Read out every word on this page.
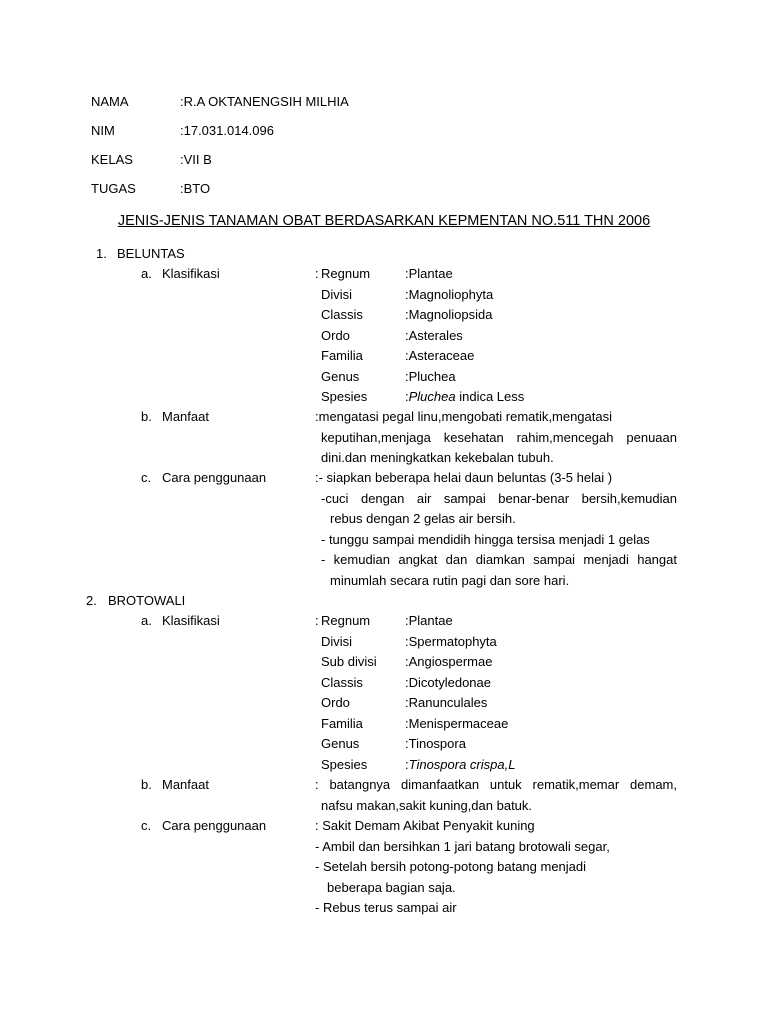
NAMA	:R.A OKTANENGSIH MILHIA
NIM	:17.031.014.096
KELAS	:VII B
TUGAS	:BTO
JENIS-JENIS TANAMAN OBAT BERDASARKAN KEPMENTAN NO.511 THN 2006
1. BELUNTAS
a. Klasifikasi	: Regnum	:Plantae
Divisi	:Magnoliophyta
Classis	:Magnoliopsida
Ordo	:Asterales
Familia	:Asteraceae
Genus	:Pluchea
Spesies	:Pluchea indica Less
b. Manfaat	:mengatasi pegal linu,mengobati rematik,mengatasi
keputihan,menjaga kesehatan rahim,mencegah penuaan
dini.dan meningkatkan kekebalan tubuh.
c. Cara penggunaan	:- siapkan beberapa helai daun beluntas (3-5 helai )
-cuci dengan air sampai benar-benar bersih,kemudian
rebus dengan 2 gelas air bersih.
- tunggu sampai mendidih hingga tersisa menjadi 1 gelas
- kemudian angkat dan diamkan sampai menjadi hangat
minumlah secara rutin pagi dan sore hari.
2. BROTOWALI
a. Klasifikasi	: Regnum	:Plantae
Divisi	:Spermatophyta
Sub divisi :Angiospermae
Classis	:Dicotyledonae
Ordo	:Ranunculales
Familia	:Menispermaceae
Genus	:Tinospora
Spesies	:Tinospora crispa,L
b. Manfaat	: batangnya dimanfaatkan untuk rematik,memar demam,
nafsu makan,sakit kuning,dan batuk.
c. Cara penggunaan	: Sakit Demam Akibat Penyakit kuning
- Ambil dan bersihkan 1 jari batang brotowali segar,
- Setelah bersih potong-potong batang menjadi
beberapa bagian saja.
- Rebus terus sampai air
